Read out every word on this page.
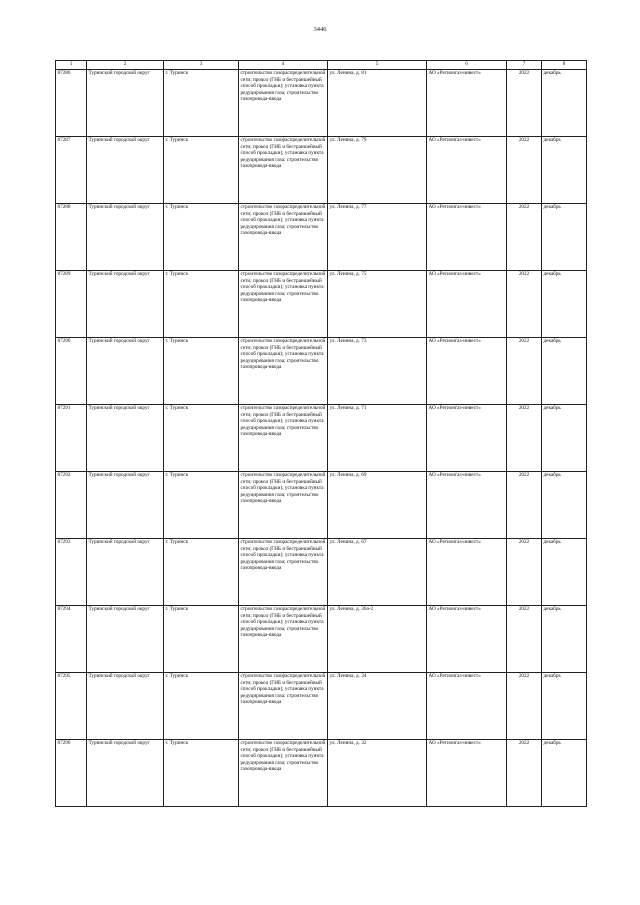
3446
1	2	3	4	5	6	7	8
87286	Туринский городской округ	г. Туринск	строительство газораспределительной сети; прокол (ГНБ и бестраншейный способ прокладки); установка пункта редуцирования газа; строительство газопровода-ввода	ул. Ленина, д. 81	АО «Регионгаз-инвест»	2022	декабрь
87287	Туринский городской округ	г. Туринск	строительство газораспределительной сети; прокол (ГНБ и бестраншейный способ прокладки); установка пункта редуцирования газа; строительство газопровода-ввода	ул. Ленина, д. 79	АО «Регионгаз-инвест»	2022	декабрь
87288	Туринский городской округ	г. Туринск	строительство газораспределительной сети; прокол (ГНБ и бестраншейный способ прокладки); установка пункта редуцирования газа; строительство газопровода-ввода	ул. Ленина, д. 77	АО «Регионгаз-инвест»	2022	декабрь
87289	Туринский городской округ	г. Туринск	строительство газораспределительной сети; прокол (ГНБ и бестраншейный способ прокладки); установка пункта редуцирования газа; строительство газопровода-ввода	ул. Ленина, д. 75	АО «Регионгаз-инвест»	2022	декабрь
87290	Туринский городской округ	г. Туринск	строительство газораспределительной сети; прокол (ГНБ и бестраншейный способ прокладки); установка пункта редуцирования газа; строительство газопровода-ввода	ул. Ленина, д. 73	АО «Регионгаз-инвест»	2022	декабрь
87291	Туринский городской округ	г. Туринск	строительство газораспределительной сети; прокол (ГНБ и бестраншейный способ прокладки); установка пункта редуцирования газа; строительство газопровода-ввода	ул. Ленина, д. 71	АО «Регионгаз-инвест»	2022	декабрь
87292	Туринский городской округ	г. Туринск	строительство газораспределительной сети; прокол (ГНБ и бестраншейный способ прокладки); установка пункта редуцирования газа; строительство газопровода-ввода	ул. Ленина, д. 69	АО «Регионгаз-инвест»	2022	декабрь
87293	Туринский городской округ	г. Туринск	строительство газораспределительной сети; прокол (ГНБ и бестраншейный способ прокладки); установка пункта редуцирования газа; строительство газопровода-ввода	ул. Ленина, д. 67	АО «Регионгаз-инвест»	2022	декабрь
87294	Туринский городской округ	г. Туринск	строительство газораспределительной сети; прокол (ГНБ и бестраншейный способ прокладки); установка пункта редуцирования газа; строительство газопровода-ввода	ул. Ленина, д. 36а-2	АО «Регионгаз-инвест»	2022	декабрь
87295	Туринский городской округ	г. Туринск	строительство газораспределительной сети; прокол (ГНБ и бестраншейный способ прокладки); установка пункта редуцирования газа; строительство газопровода-ввода	ул. Ленина, д. 34	АО «Регионгаз-инвест»	2022	декабрь
87296	Туринский городской округ	г. Туринск	строительство газораспределительной сети; прокол (ГНБ и бестраншейный способ прокладки); установка пункта редуцирования газа; строительство газопровода-ввода	ул. Ленина, д. 32	АО «Регионгаз-инвест»	2022	декабрь
